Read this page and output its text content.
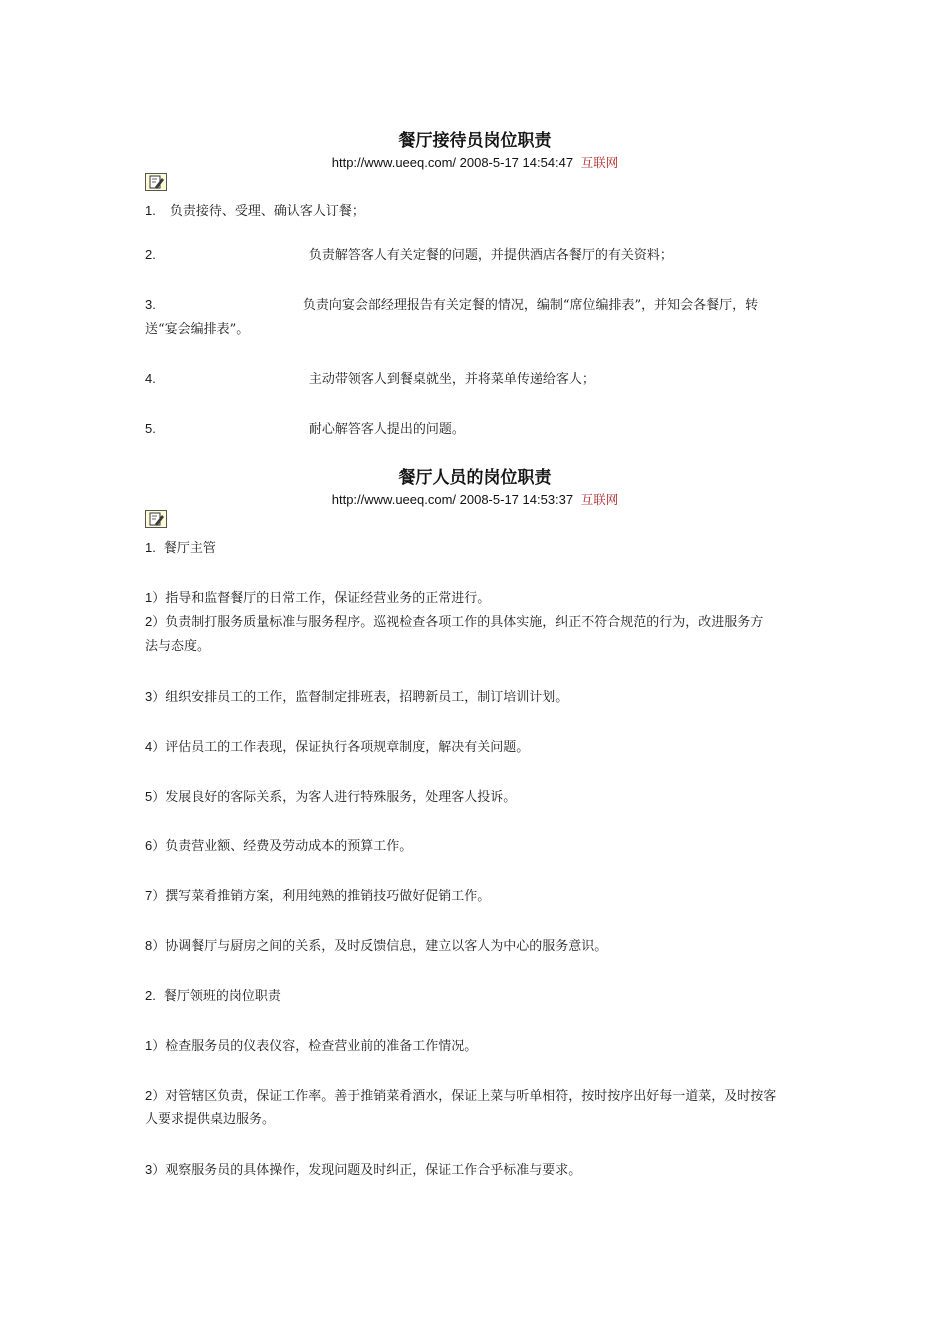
餐厅接待员岗位职责
http://www.ueeq.com/ 2008-5-17 14:54:47 互联网
1. 负责接待、受理、确认客人订餐；
2.	负责解答客人有关定餐的问题，并提供酒店各餐厅的有关资料；
3.	负责向宴会部经理报告有关定餐的情况，编制“席位编排表”，并知会各餐厅，转
送“宴会编排表”。
4.	主动带领客人到餐桌就坐，并将菜单传递给客人；
5.	耐心解答客人提出的问题。
餐厅人员的岗位职责
http://www.ueeq.com/ 2008-5-17 14:53:37 互联网
1. 餐厅主管
1）指导和监督餐厅的日常工作，保证经营业务的正常进行。
2）负责制打服务质量标准与服务程序。巡视检查各项工作的具体实施，纠正不符合规范的行为，改进服务方
法与态度。
3）组织安排员工的工作，监督制定排班表，招聘新员工，制订培训计划。
4）评估员工的工作表现，保证执行各项规章制度，解决有关问题。
5）发展良好的客际关系，为客人进行特殊服务，处理客人投诉。
6）负责营业额、经费及劳动成本的预算工作。
7）撰写菜肴推销方案，利用纯熟的推销技巧做好促销工作。
8）协调餐厅与厨房之间的关系，及时反馈信息，建立以客人为中心的服务意识。
2. 餐厅领班的岗位职责
1）检查服务员的仪表仪容，检查营业前的准备工作情况。
2）对管辖区负责，保证工作率。善于推销菜肴酒水，保证上菜与听单相符，按时按序出好每一道菜，及时按客
人要求提供桌边服务。
3）观察服务员的具体操作，发现问题及时纠正，保证工作合乎标准与要求。
